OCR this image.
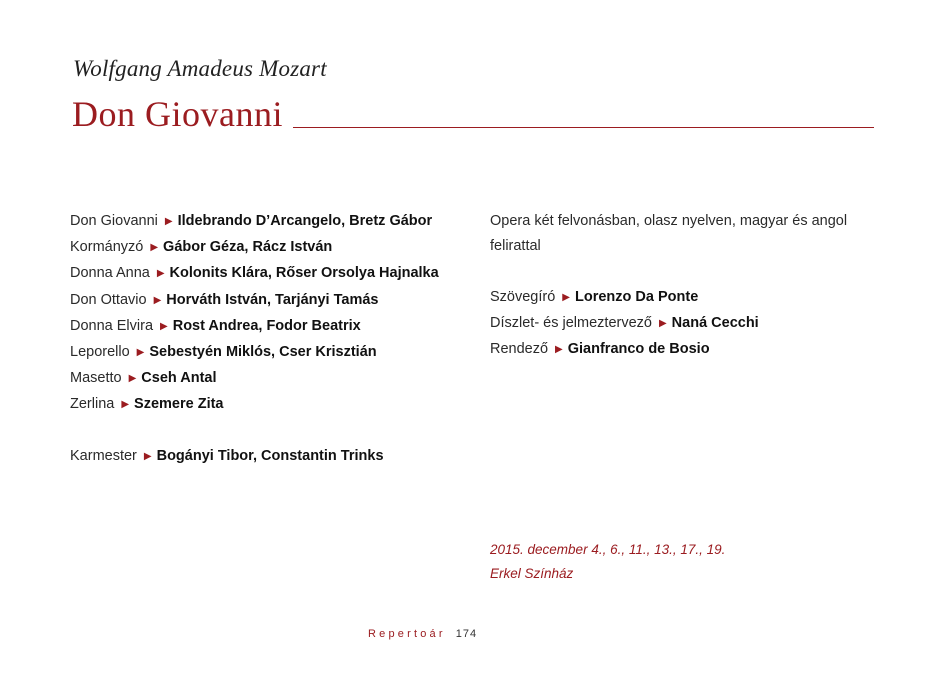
Wolfgang Amadeus Mozart
Don Giovanni
Don Giovanni ▶ Ildebrando D’Arcangelo, Bretz Gábor
Kormányzó ▶ Gábor Géza, Rácz István
Donna Anna ▶ Kolonits Klára, Rőser Orsolya Hajnalka
Don Ottavio ▶ Horváth István, Tarjányi Tamás
Donna Elvira ▶ Rost Andrea, Fodor Beatrix
Leporello ▶ Sebestyén Miklós, Cser Krisztián
Masetto ▶ Cseh Antal
Zerlina ▶ Szemere Zita
Karmester ▶ Bogányi Tibor, Constantin Trinks
Opera két felvonásban, olasz nyelven, magyar és angol felirattal
Szövegíró ▶ Lorenzo Da Ponte
Díszlet- és jelmeztervező ▶ Naná Cecchi
Rendező ▶ Gianfranco de Bosio
2015. december 4., 6., 11., 13., 17., 19.
Erkel Színház
Repertoár 174
